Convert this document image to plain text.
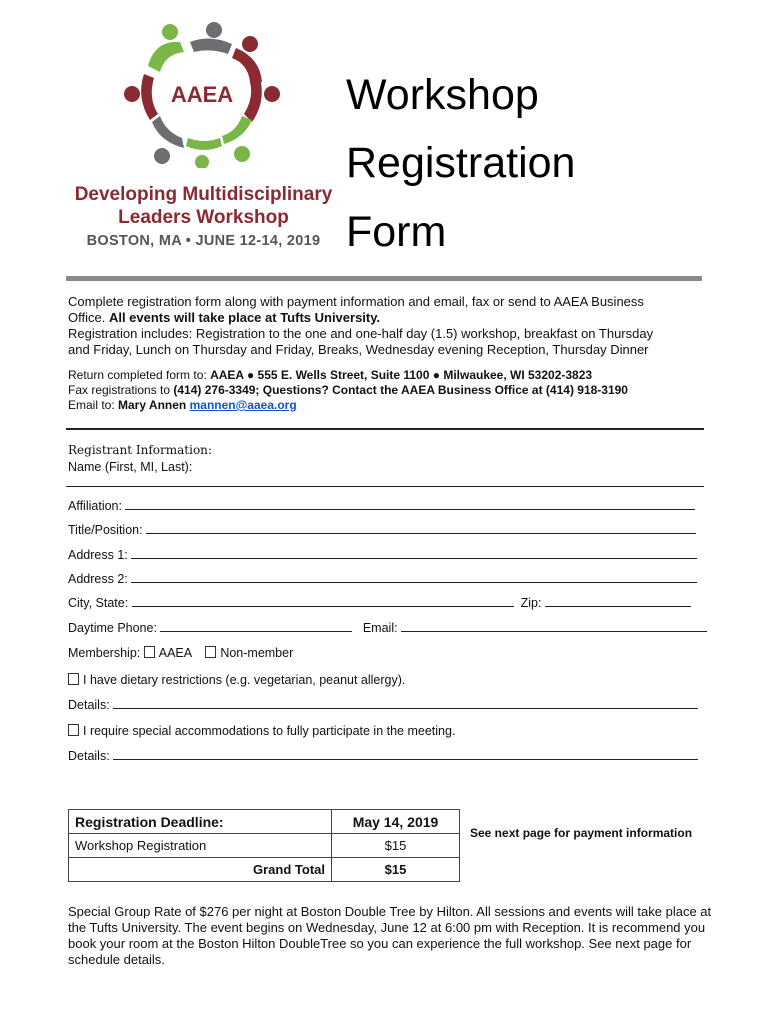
AAEA
Developing Multidisciplinary
Leaders Workshop
BOSTON, MA • JUNE 12-14, 2019
Workshop
Registration
Form
Complete registration form along with payment information and email, fax or send to AAEA Business
Office. All events will take place at Tufts University.
Registration includes: Registration to the one and one-half day (1.5) workshop, breakfast on Thursday
and Friday, Lunch on Thursday and Friday, Breaks, Wednesday evening Reception, Thursday Dinner
Return completed form to: AAEA ● 555 E. Wells Street, Suite 1100 ● Milwaukee, WI 53202-3823
Fax registrations to (414) 276-3349; Questions? Contact the AAEA Business Office at (414) 918-3190
Email to: Mary Annen mannen@aaea.org
Registrant Information:
Name (First, MI, Last):
Affiliation:
Title/Position:
Address 1:
Address 2:
City, State:	Zip:
Daytime Phone:	Email:
Membership: AAEA Non-member
I have dietary restrictions (e.g. vegetarian, peanut allergy).
Details:
I require special accommodations to fully participate in the meeting.
Details:
Registration Deadline:	May 14, 2019
Workshop Registration	$15
Grand Total	$15
See next page for payment information
Special Group Rate of $276 per night at Boston Double Tree by Hilton. All sessions and events will take place at
the Tufts University. The event begins on Wednesday, June 12 at 6:00 pm with Reception. It is recommend you
book your room at the Boston Hilton DoubleTree so you can experience the full workshop. See next page for
schedule details.
